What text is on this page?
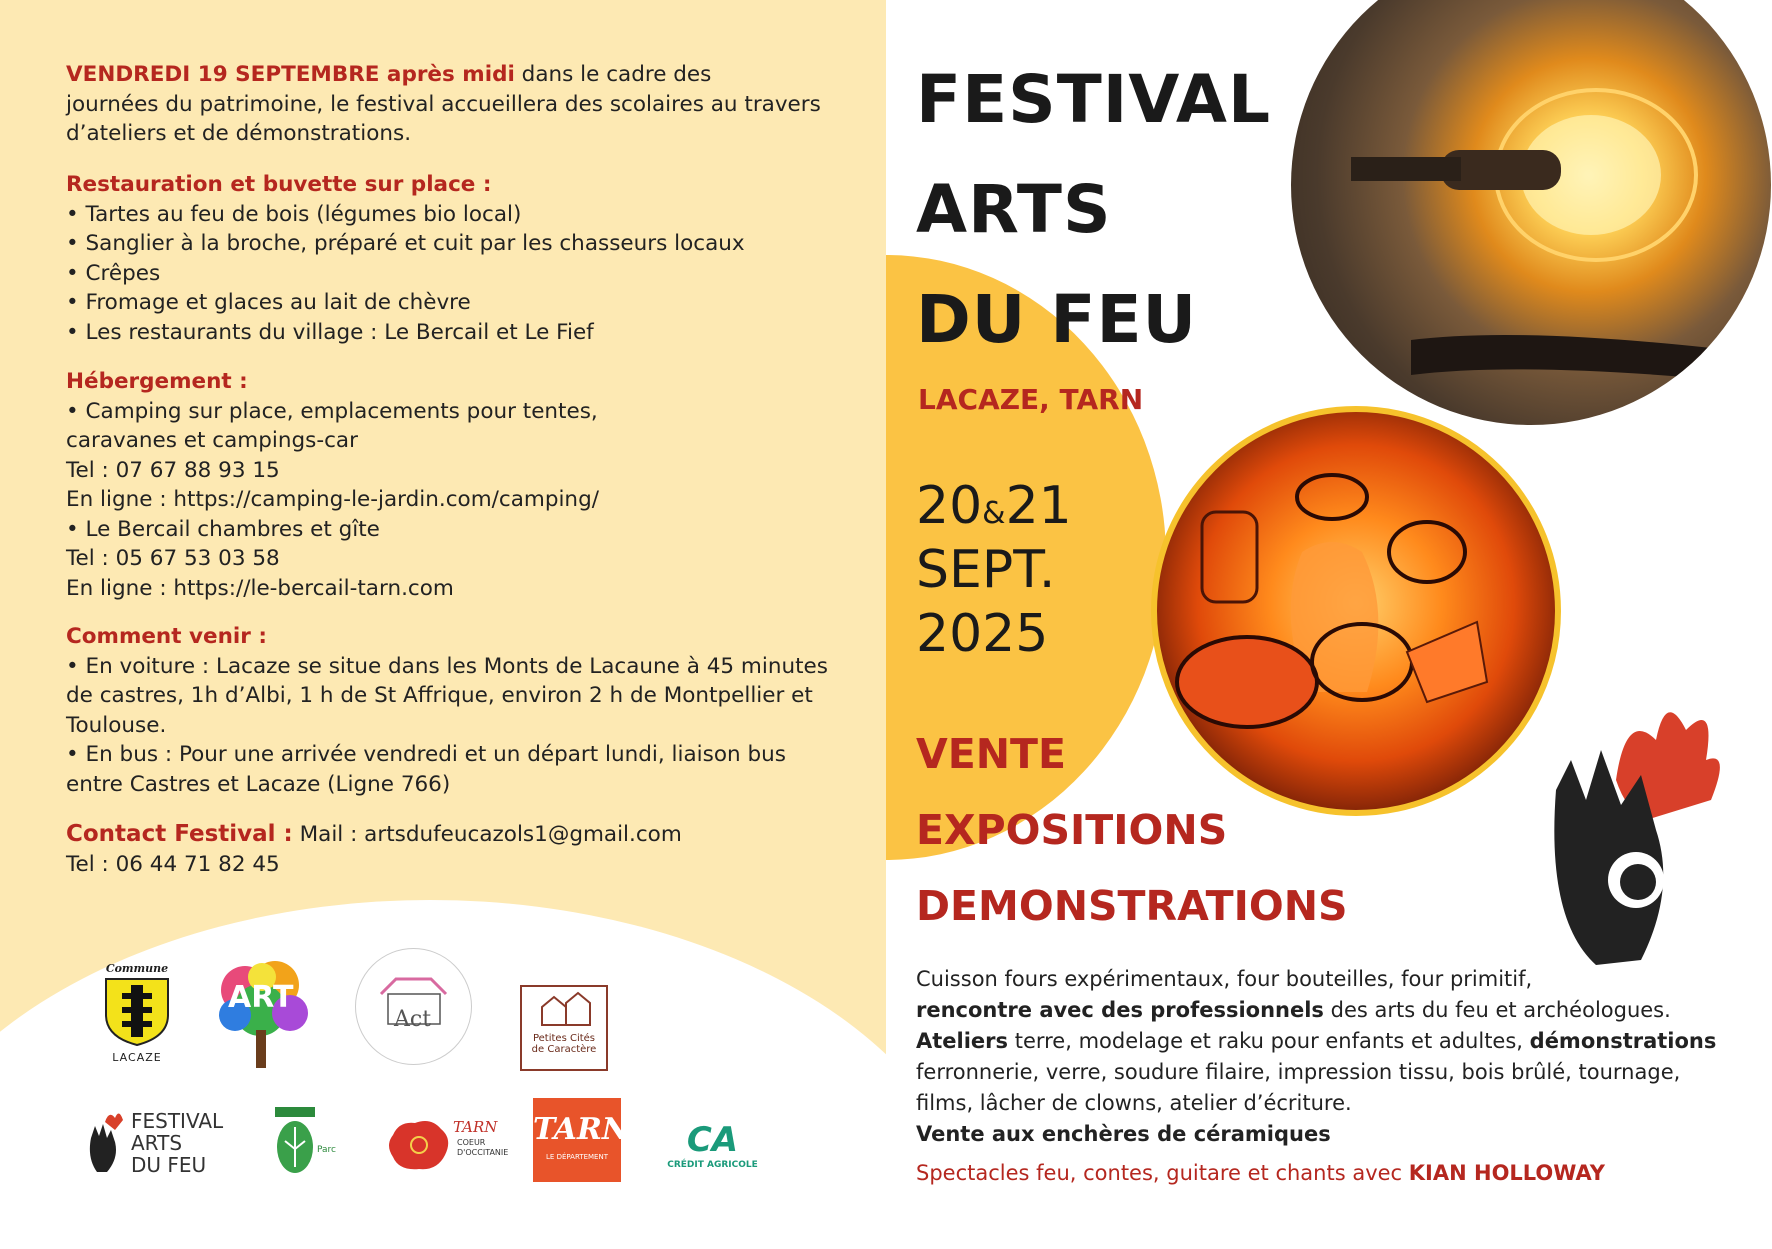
VENDREDI 19 SEPTEMBRE après midi dans le cadre des

journées du patrimoine, le festival accueillera des scolaires au travers

d’ateliers et de démonstrations.

Restauration et buvette sur place :

• Tartes au feu de bois (légumes bio local)

• Sanglier à la broche, préparé et cuit par les chasseurs locaux

• Crêpes

• Fromage et glaces au lait de chèvre

• Les restaurants du village : Le Bercail et Le Fief

Hébergement :

• Camping sur place, emplacements pour tentes,

caravanes et campings-car

Tel : 07 67 88 93 15

En ligne : https://camping-le-jardin.com/camping/

• Le Bercail chambres et gîte

Tel : 05 67 53 03 58

En ligne : https://le-bercail-tarn.com

Comment venir :

• En voiture : Lacaze se situe dans les Monts de Lacaune à 45 minutes

de castres, 1h d’Albi, 1 h de St Affrique, environ 2 h de Montpellier et

Toulouse.

• En bus : Pour une arrivée vendredi et un départ lundi, liaison bus

entre Castres et Lacaze (Ligne 766)

Contact Festival : Mail : artsdufeucazols1@gmail.com

Tel : 06 44 71 82 45

Commune
LACAZE
ART
Act
Petites Cités de Caractère
FESTIVAL
ARTS
DU FEU
Parc
TARN
COEUR
D'OCCITANIE
TARN
LE DÉPARTEMENT	CA
CRÉDIT AGRICOLE
FESTIVAL
ARTS
DU FEU
LACAZE, TARN
20&21
SEPT.
2025
VENTE
EXPOSITIONS
DEMONSTRATIONS

Cuisson fours expérimentaux, four bouteilles, four primitif,

rencontre avec des professionnels des arts du feu et archéologues.

Ateliers terre, modelage et raku pour enfants et adultes, démonstrations

ferronnerie, verre, soudure filaire, impression tissu, bois brûlé, tournage,

films, lâcher de clowns, atelier d’écriture.

Vente aux enchères de céramiques

Spectacles feu, contes, guitare et chants avec KIAN HOLLOWAY
